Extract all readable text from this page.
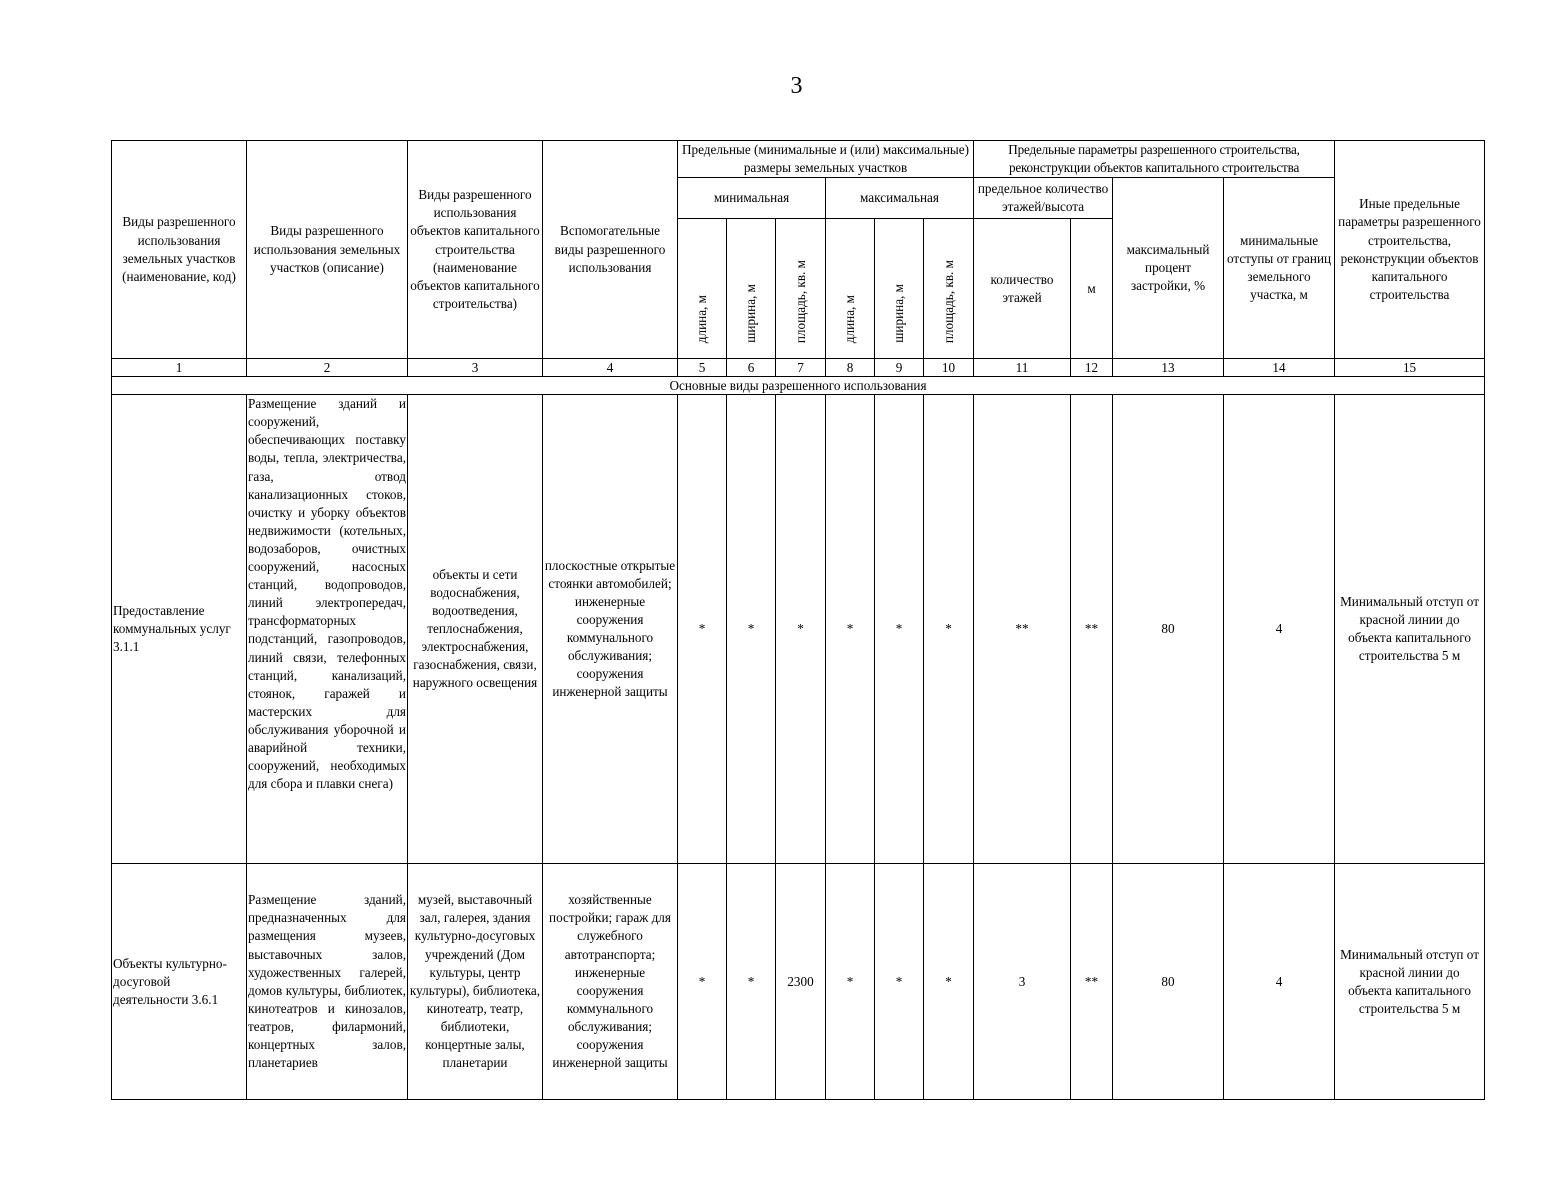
3
Виды разрешенного использования земельных участков (наименование, код)	Виды разрешенного использования земельных участков (описание)	Виды разрешенного использования объектов капитального строительства (наименование объектов капитального строительства)	Вспомогательные виды разрешенного использования	Предельные (минимальные и (или) максимальные) размеры земельных участков						Предельные параметры разрешенного строительства, реконструкции объектов капитального строительства				Иные предельные параметры разрешенного строительства, реконструкции объектов капитального строительства
				минимальная			максимальная			предельное количество этажей/высота		максимальный процент застройки, %	минимальные отступы от границ земельного участка, м	
				длина, м	ширина, м	площадь, кв. м	длина, м	ширина, м	площадь, кв. м	количество этажей	м			

1	2	3	4	5	6	7	8	9	10	11	12	13	14	15
Основные виды разрешенного использования														
Предоставление коммунальных услуг 3.1.1	Размещение зданий и сооружений, обеспечивающих поставку воды, тепла, электричества, газа, отвод канализационных стоков, очистку и уборку объектов недвижимости (котельных, водозаборов, очистных сооружений, насосных станций, водопроводов, линий электропередач, трансформаторных подстанций, газопроводов, линий связи, телефонных станций, канализаций, стоянок, гаражей и мастерских для обслуживания уборочной и аварийной техники, сооружений, необходимых для сбора и плавки снега)	объекты и сети водоснабжения, водоотведения, теплоснабжения, электроснабжения, газоснабжения, связи, наружного освещения	плоскостные открытые стоянки автомобилей; инженерные сооружения коммунального обслуживания; сооружения инженерной защиты	*	*	*	*	*	*	**	**	80	4	Минимальный отступ от красной линии до объекта капитального строительства 5 м
Объекты культурно-досуговой деятельности 3.6.1	Размещение зданий, предназначенных для размещения музеев, выставочных залов, художественных галерей, домов культуры, библиотек, кинотеатров и кинозалов, театров, филармоний, концертных залов, планетариев	музей, выставочный зал, галерея, здания культурно-досуговых учреждений (Дом культуры, центр культуры), библиотека, кинотеатр, театр, библиотеки, концертные залы, планетарии	хозяйственные постройки; гараж для служебного автотранспорта; инженерные сооружения коммунального обслуживания; сооружения инженерной защиты	*	*	2300	*	*	*	3	**	80	4	Минимальный отступ от красной линии до объекта капитального строительства 5 м
